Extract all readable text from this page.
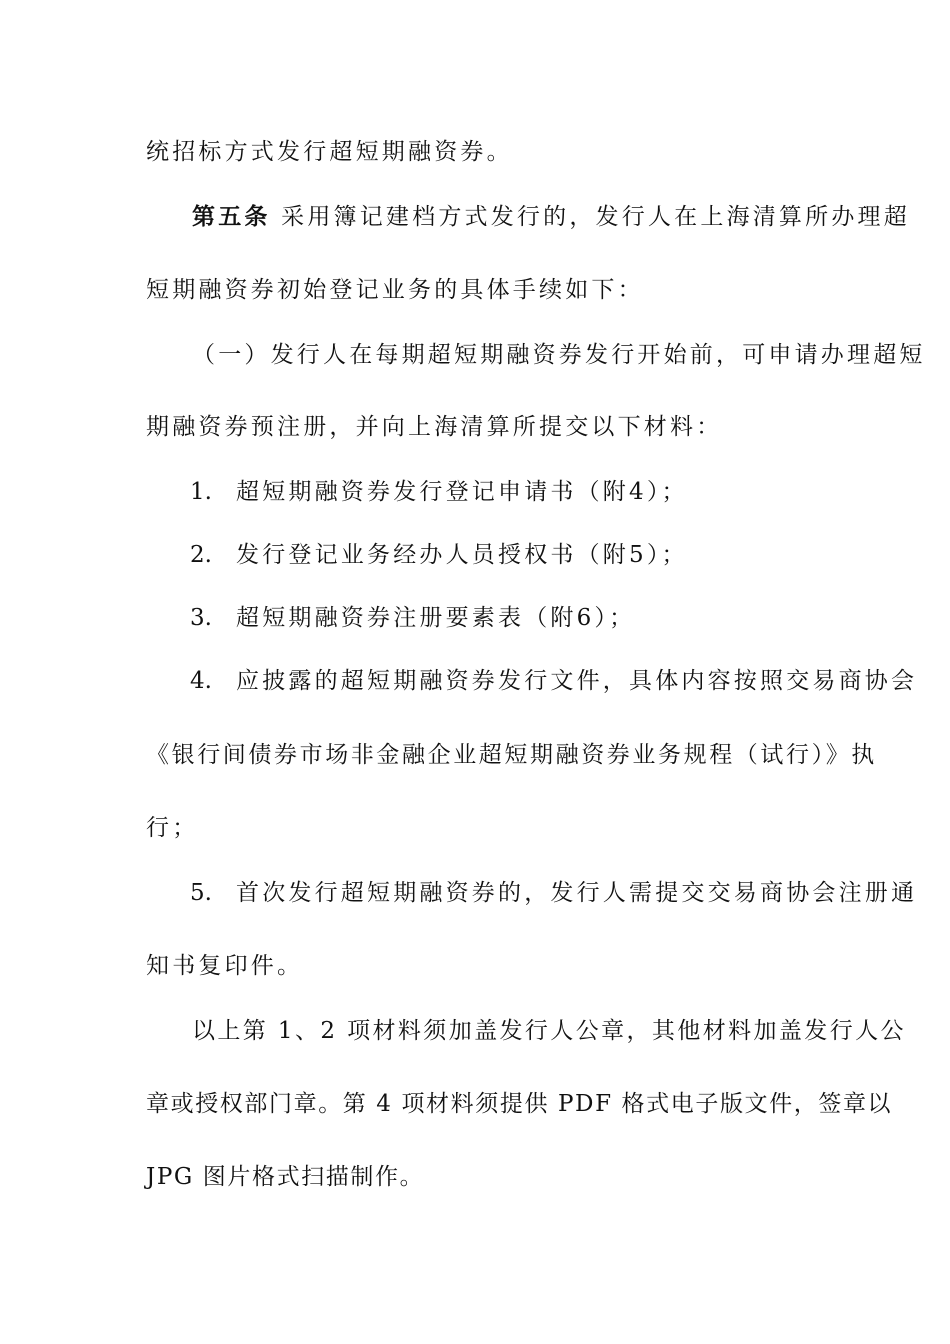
统招标方式发行超短期融资券。
第五条 采用簿记建档方式发行的，发行人在上海清算所办理超
短期融资券初始登记业务的具体手续如下：
（一）发行人在每期超短期融资券发行开始前，可申请办理超短
期融资券预注册，并向上海清算所提交以下材料：
1. 超短期融资券发行登记申请书（附4）；
2. 发行登记业务经办人员授权书（附5）；
3. 超短期融资券注册要素表（附6）；
4. 应披露的超短期融资券发行文件，具体内容按照交易商协会
《银行间债券市场非金融企业超短期融资券业务规程（试行）》执
行；
5. 首次发行超短期融资券的，发行人需提交交易商协会注册通
知书复印件。
以上第 1、2 项材料须加盖发行人公章，其他材料加盖发行人公
章或授权部门章。第 4 项材料须提供 PDF 格式电子版文件，签章以
JPG 图片格式扫描制作。
